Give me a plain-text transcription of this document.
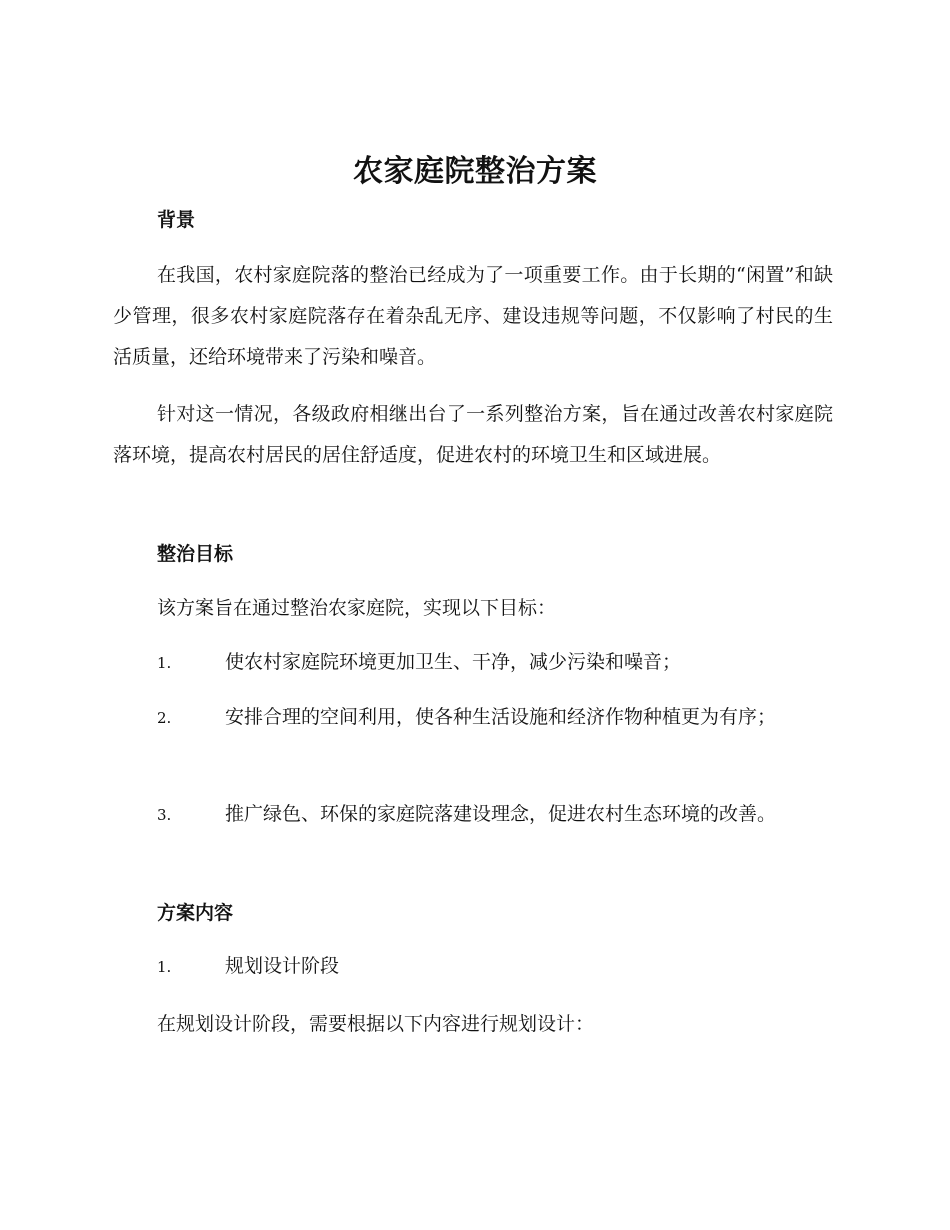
农家庭院整治方案
背景

在我国，农村家庭院落的整治已经成为了一项重要工作。由于长期的“闲置”和缺少管理，很多农村家庭院落存在着杂乱无序、建设违规等问题，不仅影响了村民的生活质量，还给环境带来了污染和噪音。

针对这一情况，各级政府相继出台了一系列整治方案，旨在通过改善农村家庭院落环境，提高农村居民的居住舒适度，促进农村的环境卫生和区域进展。

整治目标
该方案旨在通过整治农家庭院，实现以下目标：

1.	使农村家庭院环境更加卫生、干净，减少污染和噪音；

2.	安排合理的空间利用，使各种生活设施和经济作物种植更为有序；

3.	推广绿色、环保的家庭院落建设理念，促进农村生态环境的改善。

方案内容

1.	规划设计阶段

在规划设计阶段，需要根据以下内容进行规划设计：
